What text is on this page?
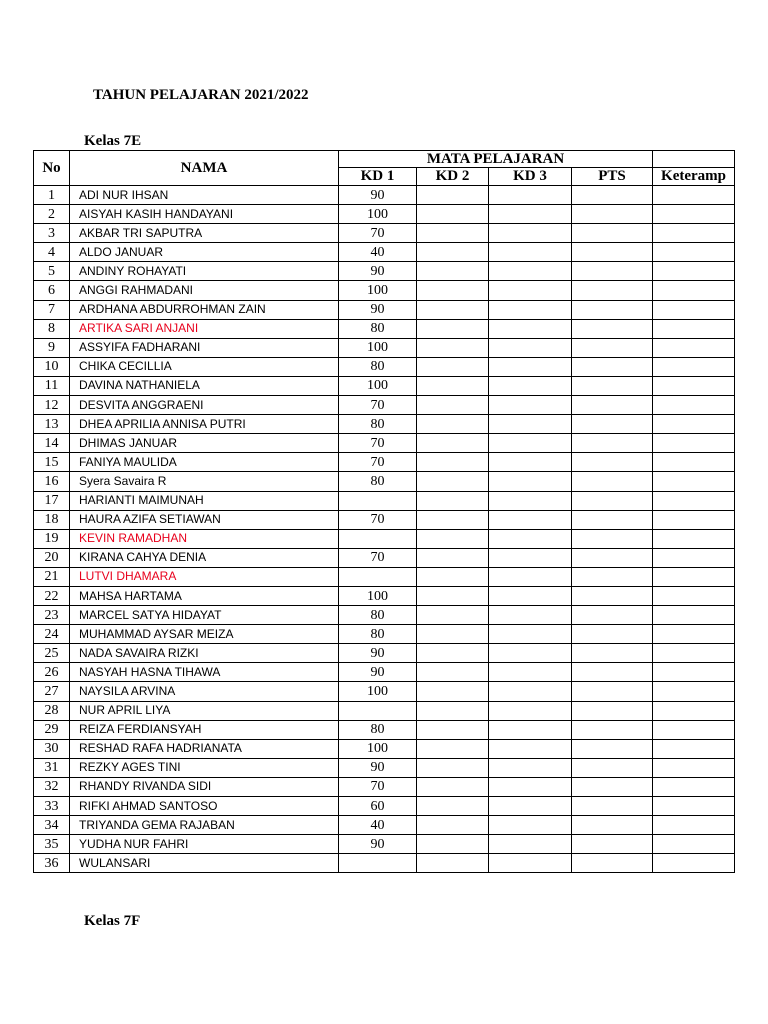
TAHUN PELAJARAN 2021/2022
Kelas 7E
No	NAMA	MATA PELAJARAN				
		KD 1	KD 2	KD 3	PTS	Keteramp
1	ADI NUR IHSAN	90				
2	AISYAH KASIH HANDAYANI	100				
3	AKBAR TRI SAPUTRA	70				
4	ALDO JANUAR	40				
5	ANDINY ROHAYATI	90				
6	ANGGI RAHMADANI	100				
7	ARDHANA ABDURROHMAN ZAIN	90				
8	ARTIKA SARI ANJANI	80				
9	ASSYIFA FADHARANI	100				
10	CHIKA CECILLIA	80				
11	DAVINA NATHANIELA	100				
12	DESVITA ANGGRAENI	70				
13	DHEA APRILIA ANNISA PUTRI	80				
14	DHIMAS JANUAR	70				
15	FANIYA MAULIDA	70				
16	Syera Savaira R	80				
17	HARIANTI MAIMUNAH					
18	HAURA AZIFA SETIAWAN	70				
19	KEVIN RAMADHAN					
20	KIRANA CAHYA DENIA	70				
21	LUTVI DHAMARA					
22	MAHSA HARTAMA	100				
23	MARCEL SATYA HIDAYAT	80				
24	MUHAMMAD AYSAR MEIZA	80				
25	NADA SAVAIRA RIZKI	90				
26	NASYAH HASNA TIHAWA	90				
27	NAYSILA ARVINA	100				
28	NUR APRIL LIYA					
29	REIZA FERDIANSYAH	80				
30	RESHAD RAFA HADRIANATA	100				
31	REZKY AGES TINI	90				
32	RHANDY RIVANDA SIDI	70				
33	RIFKI AHMAD SANTOSO	60				
34	TRIYANDA GEMA RAJABAN	40				
35	YUDHA NUR FAHRI	90				
36	WULANSARI					
Kelas 7F
